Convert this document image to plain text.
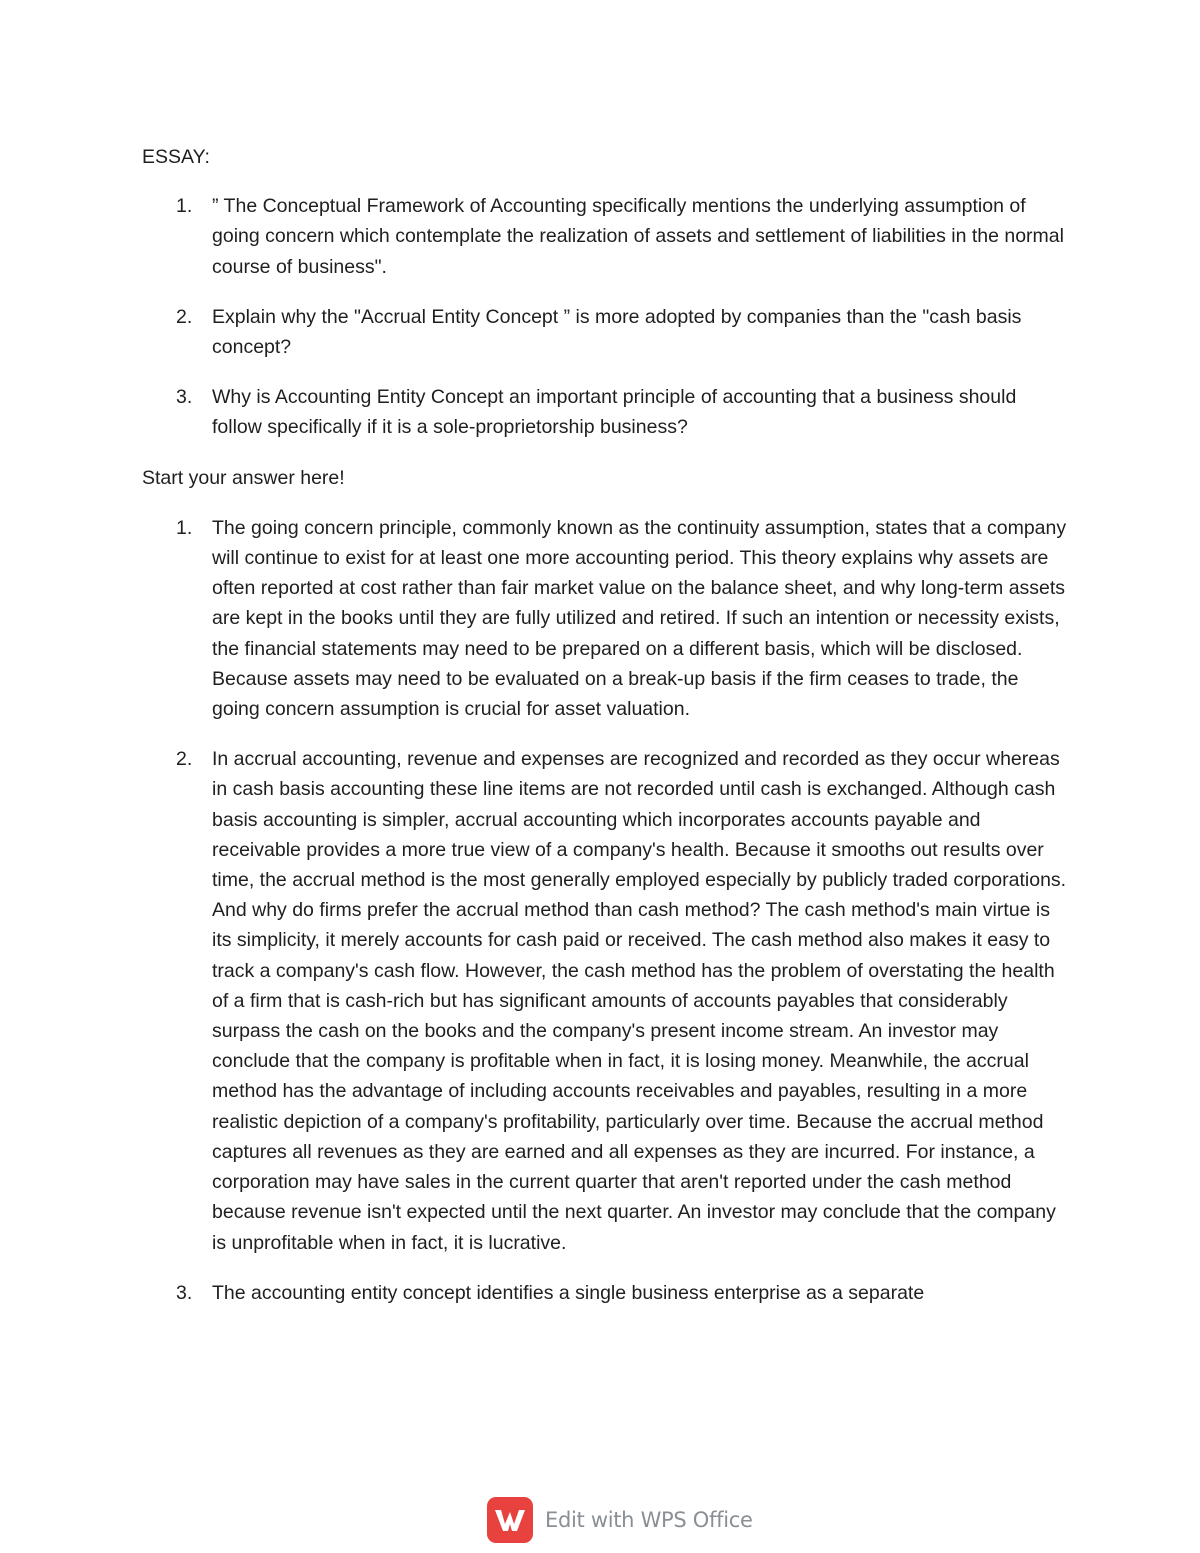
ESSAY:
1. ” The Conceptual Framework of Accounting specifically mentions the underlying assumption of going concern which contemplate the realization of assets and settlement of liabilities in the normal course of business".
2. Explain why the "Accrual Entity Concept ” is more adopted by companies than the "cash basis concept?
3. Why is Accounting Entity Concept an important principle of accounting that a business should follow specifically if it is a sole-proprietorship business?
Start your answer here!
1. The going concern principle, commonly known as the continuity assumption, states that a company will continue to exist for at least one more accounting period. This theory explains why assets are often reported at cost rather than fair market value on the balance sheet, and why long-term assets are kept in the books until they are fully utilized and retired. If such an intention or necessity exists, the financial statements may need to be prepared on a different basis, which will be disclosed. Because assets may need to be evaluated on a break-up basis if the firm ceases to trade, the going concern assumption is crucial for asset valuation.
2. In accrual accounting, revenue and expenses are recognized and recorded as they occur whereas in cash basis accounting these line items are not recorded until cash is exchanged. Although cash basis accounting is simpler, accrual accounting which incorporates accounts payable and receivable provides a more true view of a company's health. Because it smooths out results over time, the accrual method is the most generally employed especially by publicly traded corporations. And why do firms prefer the accrual method than cash method? The cash method's main virtue is its simplicity, it merely accounts for cash paid or received. The cash method also makes it easy to track a company's cash flow. However, the cash method has the problem of overstating the health of a firm that is cash-rich but has significant amounts of accounts payables that considerably surpass the cash on the books and the company's present income stream. An investor may conclude that the company is profitable when in fact, it is losing money. Meanwhile, the accrual method has the advantage of including accounts receivables and payables, resulting in a more realistic depiction of a company's profitability, particularly over time. Because the accrual method captures all revenues as they are earned and all expenses as they are incurred. For instance, a corporation may have sales in the current quarter that aren't reported under the cash method because revenue isn't expected until the next quarter. An investor may conclude that the company is unprofitable when in fact, it is lucrative.
3. The accounting entity concept identifies a single business enterprise as a separate
Edit with WPS Office
